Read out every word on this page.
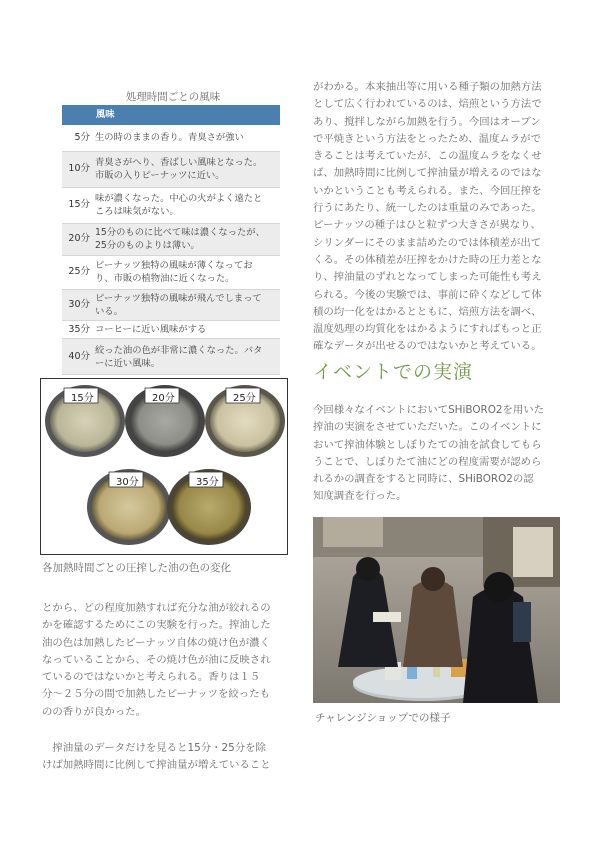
処理時間ごとの風味
	風味
5分	生の時のままの香り。青臭さが強い
10分	青臭さがへり、香ばしい風味となった。
市販の入りピーナッツに近い。
15分	味が濃くなった。中心の火がよく遠たと
ころは味気がない。
20分	15分のものに比べて味は濃くなったが、
25分のものよりは薄い。
25分	ピーナッツ独特の風味が薄くなってお
り、市販の植物油に近くなった。
30分	ピーナッツ独特の風味が飛んでしまって
いる。
35分	コーヒーに近い風味がする
40分	絞った油の色が非常に濃くなった。バタ
ーに近い風味。
15分	20分	25分
30分	35分
各加熱時間ごとの圧搾した油の色の変化
とから、どの程度加熱すれば充分な油が絞れるの
かを確認するためにこの実験を行った。搾油した
油の色は加熱したピーナッツ自体の焼け色が濃く
なっていることから、その焼け色が油に反映され
ているのではないかと考えられる。香りは１５
分〜２５分の間で加熱したピーナッツを絞ったも
のの香りが良かった。
　搾油量のデータだけを見ると15分・25分を除
けば加熱時間に比例して搾油量が増えていること
がわかる。本来抽出等に用いる種子類の加熱方法
として広く行われているのは、焙煎という方法で
あり、撹拌しながら加熱を行う。今回はオーブン
で平焼きという方法をとったため、温度ムラがで
きることは考えていたが、この温度ムラをなくせ
ば、加熱時間に比例して搾油量が増えるのではな
いかということも考えられる。また、今回圧搾を
行うにあたり、統一したのは重量のみであった。
ピーナッツの種子はひと粒ずつ大きさが異なり、
シリンダーにそのまま詰めたのでは体積差が出て
くる。その体積差が圧搾をかけた時の圧力差とな
り、搾油量のずれとなってしまった可能性も考え
られる。今後の実験では、事前に砕くなどして体
積の均一化をはかるとともに、焙煎方法を調べ、
温度処理の均質化をはかるようにすればもっと正
確なデータが出せるのではないかと考えている。
イベントでの実演
今回様々なイベントにおいてSHiBORO2を用いた
搾油の実演をさせていただいた。このイベントに
おいて搾油体験としぼりたての油を試食してもら
うことで、しぼりたて油にどの程度需要が認めら
れるかの調査をすると同時に、SHiBORO2の認
知度調査を行った。
チャレンジショップでの様子
